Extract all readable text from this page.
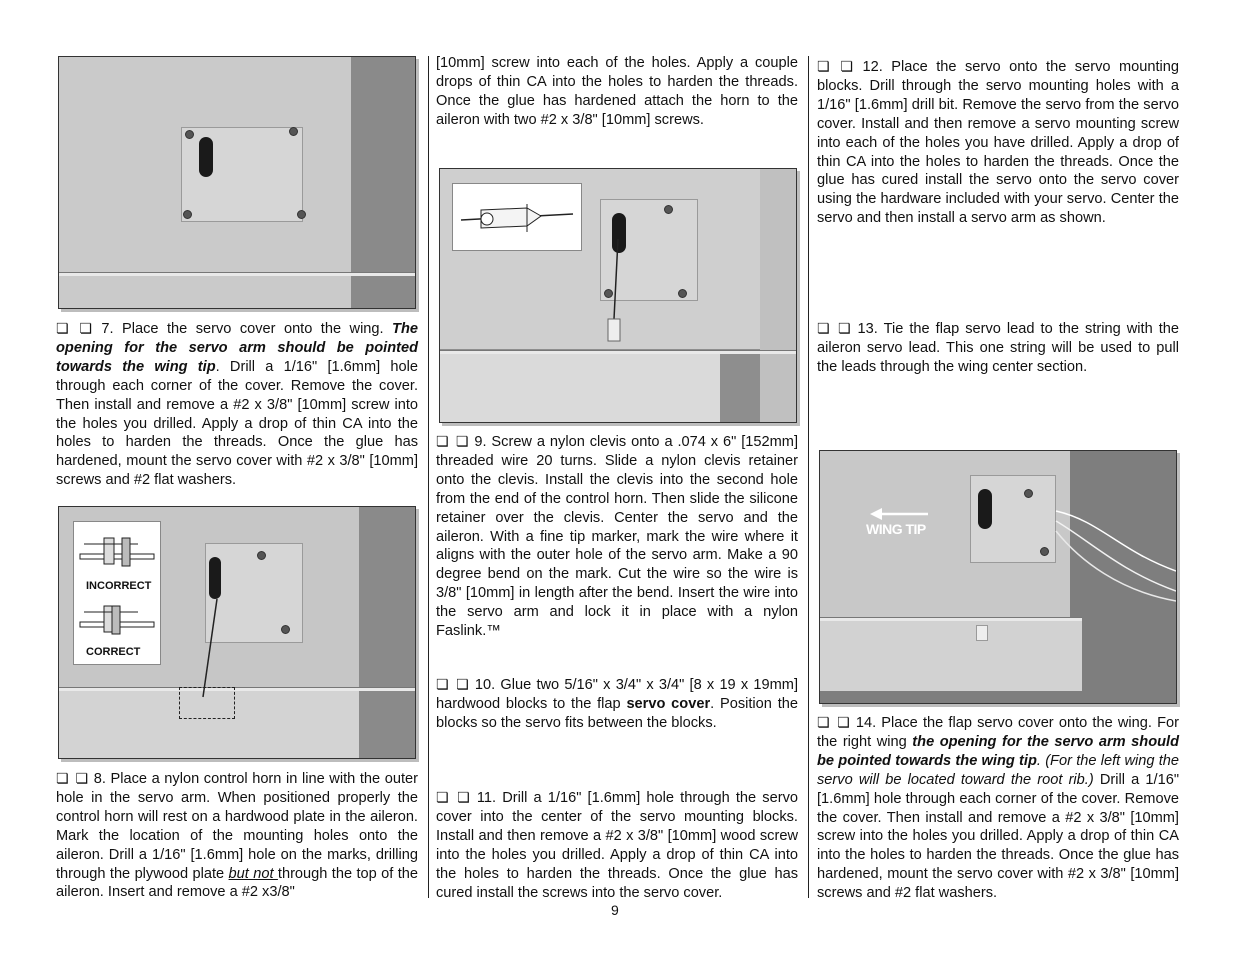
❏ ❏ 7. Place the servo cover onto the wing. The opening for the servo arm should be pointed towards the wing tip. Drill a 1/16" [1.6mm] hole through each corner of the cover. Remove the cover. Then install and remove a #2 x 3/8" [10mm] screw into the holes you drilled. Apply a drop of thin CA into the holes to harden the threads. Once the glue has hardened, mount the servo cover with #2 x 3/8" [10mm] screws and #2 flat washers.

INCORRECT
CORRECT

❏ ❏ 8. Place a nylon control horn in line with the outer hole in the servo arm. When positioned properly the control horn will rest on a hardwood plate in the aileron. Mark the location of the mounting holes onto the aileron. Drill a 1/16" [1.6mm] hole on the marks, drilling through the plywood plate but not through the top of the aileron. Insert and remove a #2 x3/8"

[10mm] screw into each of the holes. Apply a couple drops of thin CA into the holes to harden the threads. Once the glue has hardened attach the horn to the aileron with two #2 x 3/8" [10mm] screws.

❏ ❏ 9. Screw a nylon clevis onto a .074 x 6" [152mm] threaded wire 20 turns. Slide a nylon clevis retainer onto the clevis. Install the clevis into the second hole from the end of the control horn. Then slide the silicone retainer over the clevis. Center the servo and the aileron. With a fine tip marker, mark the wire where it aligns with the outer hole of the servo arm. Make a 90 degree bend on the mark. Cut the wire so the wire is 3/8" [10mm] in length after the bend. Insert the wire into the servo arm and lock it in place with a nylon Faslink.™

❏ ❏ 10. Glue two 5/16" x 3/4" x 3/4" [8 x 19 x 19mm] hardwood blocks to the flap servo cover. Position the blocks so the servo fits between the blocks.

❏ ❏ 11. Drill a 1/16" [1.6mm] hole through the servo cover into the center of the servo mounting blocks. Install and then remove a #2 x 3/8" [10mm] wood screw into the holes you drilled. Apply a drop of thin CA into the holes to harden the threads. Once the glue has cured install the screws into the servo cover.

❏ ❏ 12. Place the servo onto the servo mounting blocks. Drill through the servo mounting holes with a 1/16" [1.6mm] drill bit. Remove the servo from the servo cover. Install and then remove a servo mounting screw into each of the holes you have drilled. Apply a drop of thin CA into the holes to harden the threads. Once the glue has cured install the servo onto the servo cover using the hardware included with your servo. Center the servo and then install a servo arm as shown.

❏ ❏ 13. Tie the flap servo lead to the string with the aileron servo lead. This one string will be used to pull the leads through the wing center section.

WING TIP

❏ ❏ 14. Place the flap servo cover onto the wing. For the right wing the opening for the servo arm should be pointed towards the wing tip. (For the left wing the servo will be located toward the root rib.) Drill a 1/16" [1.6mm] hole through each corner of the cover. Remove the cover. Then install and remove a #2 x 3/8" [10mm] screw into the holes you drilled. Apply a drop of thin CA into the holes to harden the threads. Once the glue has hardened, mount the servo cover with #2 x 3/8" [10mm] screws and #2 flat washers.

9
